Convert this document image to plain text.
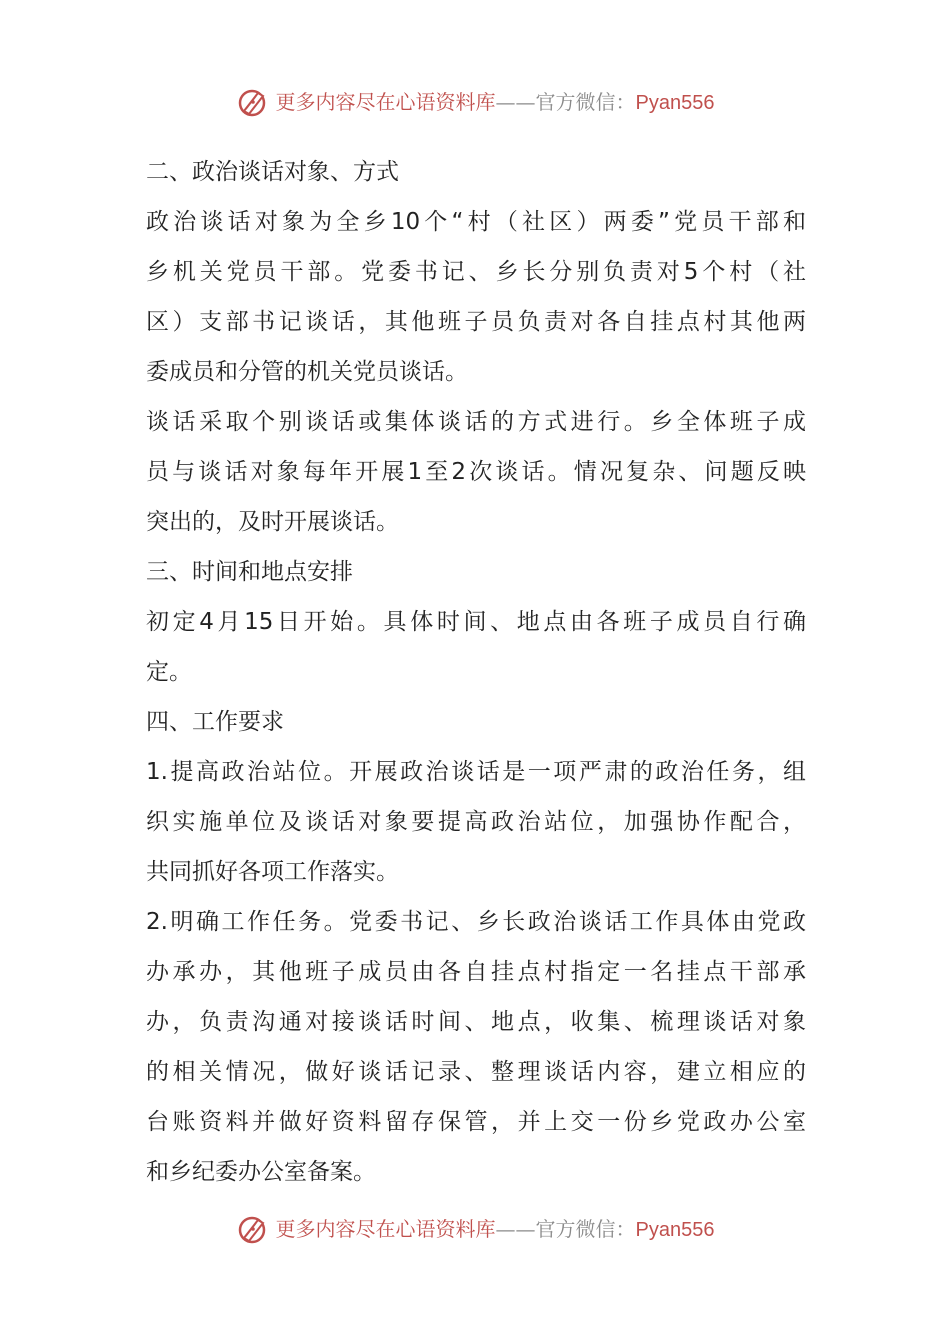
更多内容尽在心语资料库——官方微信：Pyan556
二、政治谈话对象、方式
政治谈话对象为全乡10个“村（社区）两委”党员干部和
乡机关党员干部。党委书记、乡长分别负责对5个村（社
区）支部书记谈话，其他班子员负责对各自挂点村其他两
委成员和分管的机关党员谈话。
谈话采取个别谈话或集体谈话的方式进行。乡全体班子成
员与谈话对象每年开展1至2次谈话。情况复杂、问题反映
突出的，及时开展谈话。
三、时间和地点安排
初定4月15日开始。具体时间、地点由各班子成员自行确
定。
四、工作要求
1.提高政治站位。开展政治谈话是一项严肃的政治任务，组
织实施单位及谈话对象要提高政治站位，加强协作配合，
共同抓好各项工作落实。
2.明确工作任务。党委书记、乡长政治谈话工作具体由党政
办承办，其他班子成员由各自挂点村指定一名挂点干部承
办，负责沟通对接谈话时间、地点，收集、梳理谈话对象
的相关情况，做好谈话记录、整理谈话内容，建立相应的
台账资料并做好资料留存保管，并上交一份乡党政办公室
和乡纪委办公室备案。
更多内容尽在心语资料库——官方微信：Pyan556
